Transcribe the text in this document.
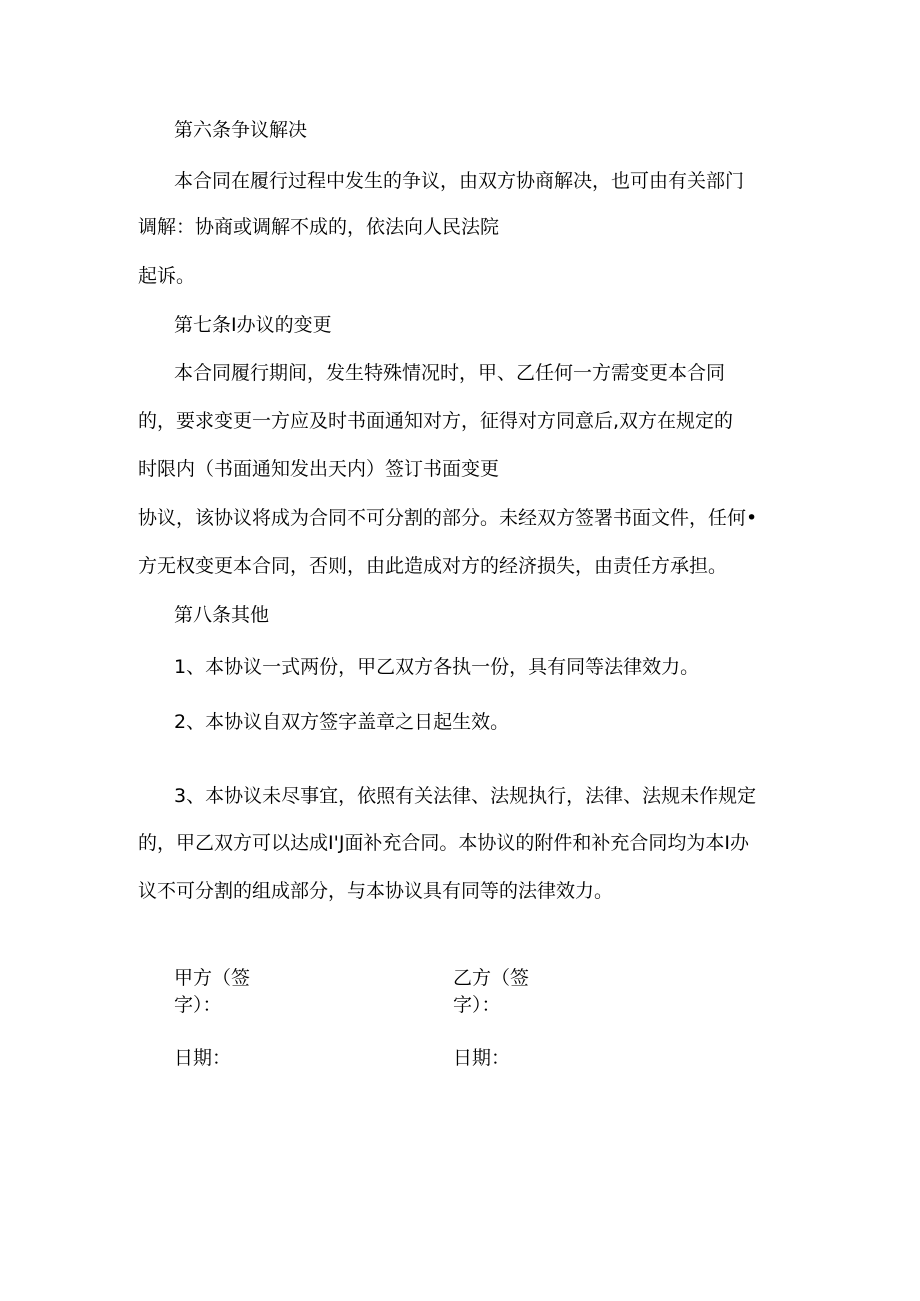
第六条争议解决
本合同在履行过程中发生的争议，由双方协商解决，也可由有关部门
调解：协商或调解不成的，依法向人民法院
起诉。
第七条I办议的变更
本合同履行期间，发生特殊情况时，甲、乙任何一方需变更本合同
的，要求变更一方应及时书面通知对方，征得对方同意后,双方在规定的
时限内（书面通知发出天内）签订书面变更
协议，该协议将成为合同不可分割的部分。未经双方签署书面文件，任何•
方无权变更本合同，否则，由此造成对方的经济损失，由责任方承担。
第八条其他
1、本协议一式两份，甲乙双方各执一份，具有同等法律效力。
2、本协议自双方签字盖章之日起生效。
3、本协议未尽事宜，依照有关法律、法规执行，法律、法规未作规定
的，甲乙双方可以达成I'J面补充合同。本协议的附件和补充合同均为本I办
议不可分割的组成部分，与本协议具有同等的法律效力。
甲方（签
字）：
日期：
乙方（签
字）：
日期：
